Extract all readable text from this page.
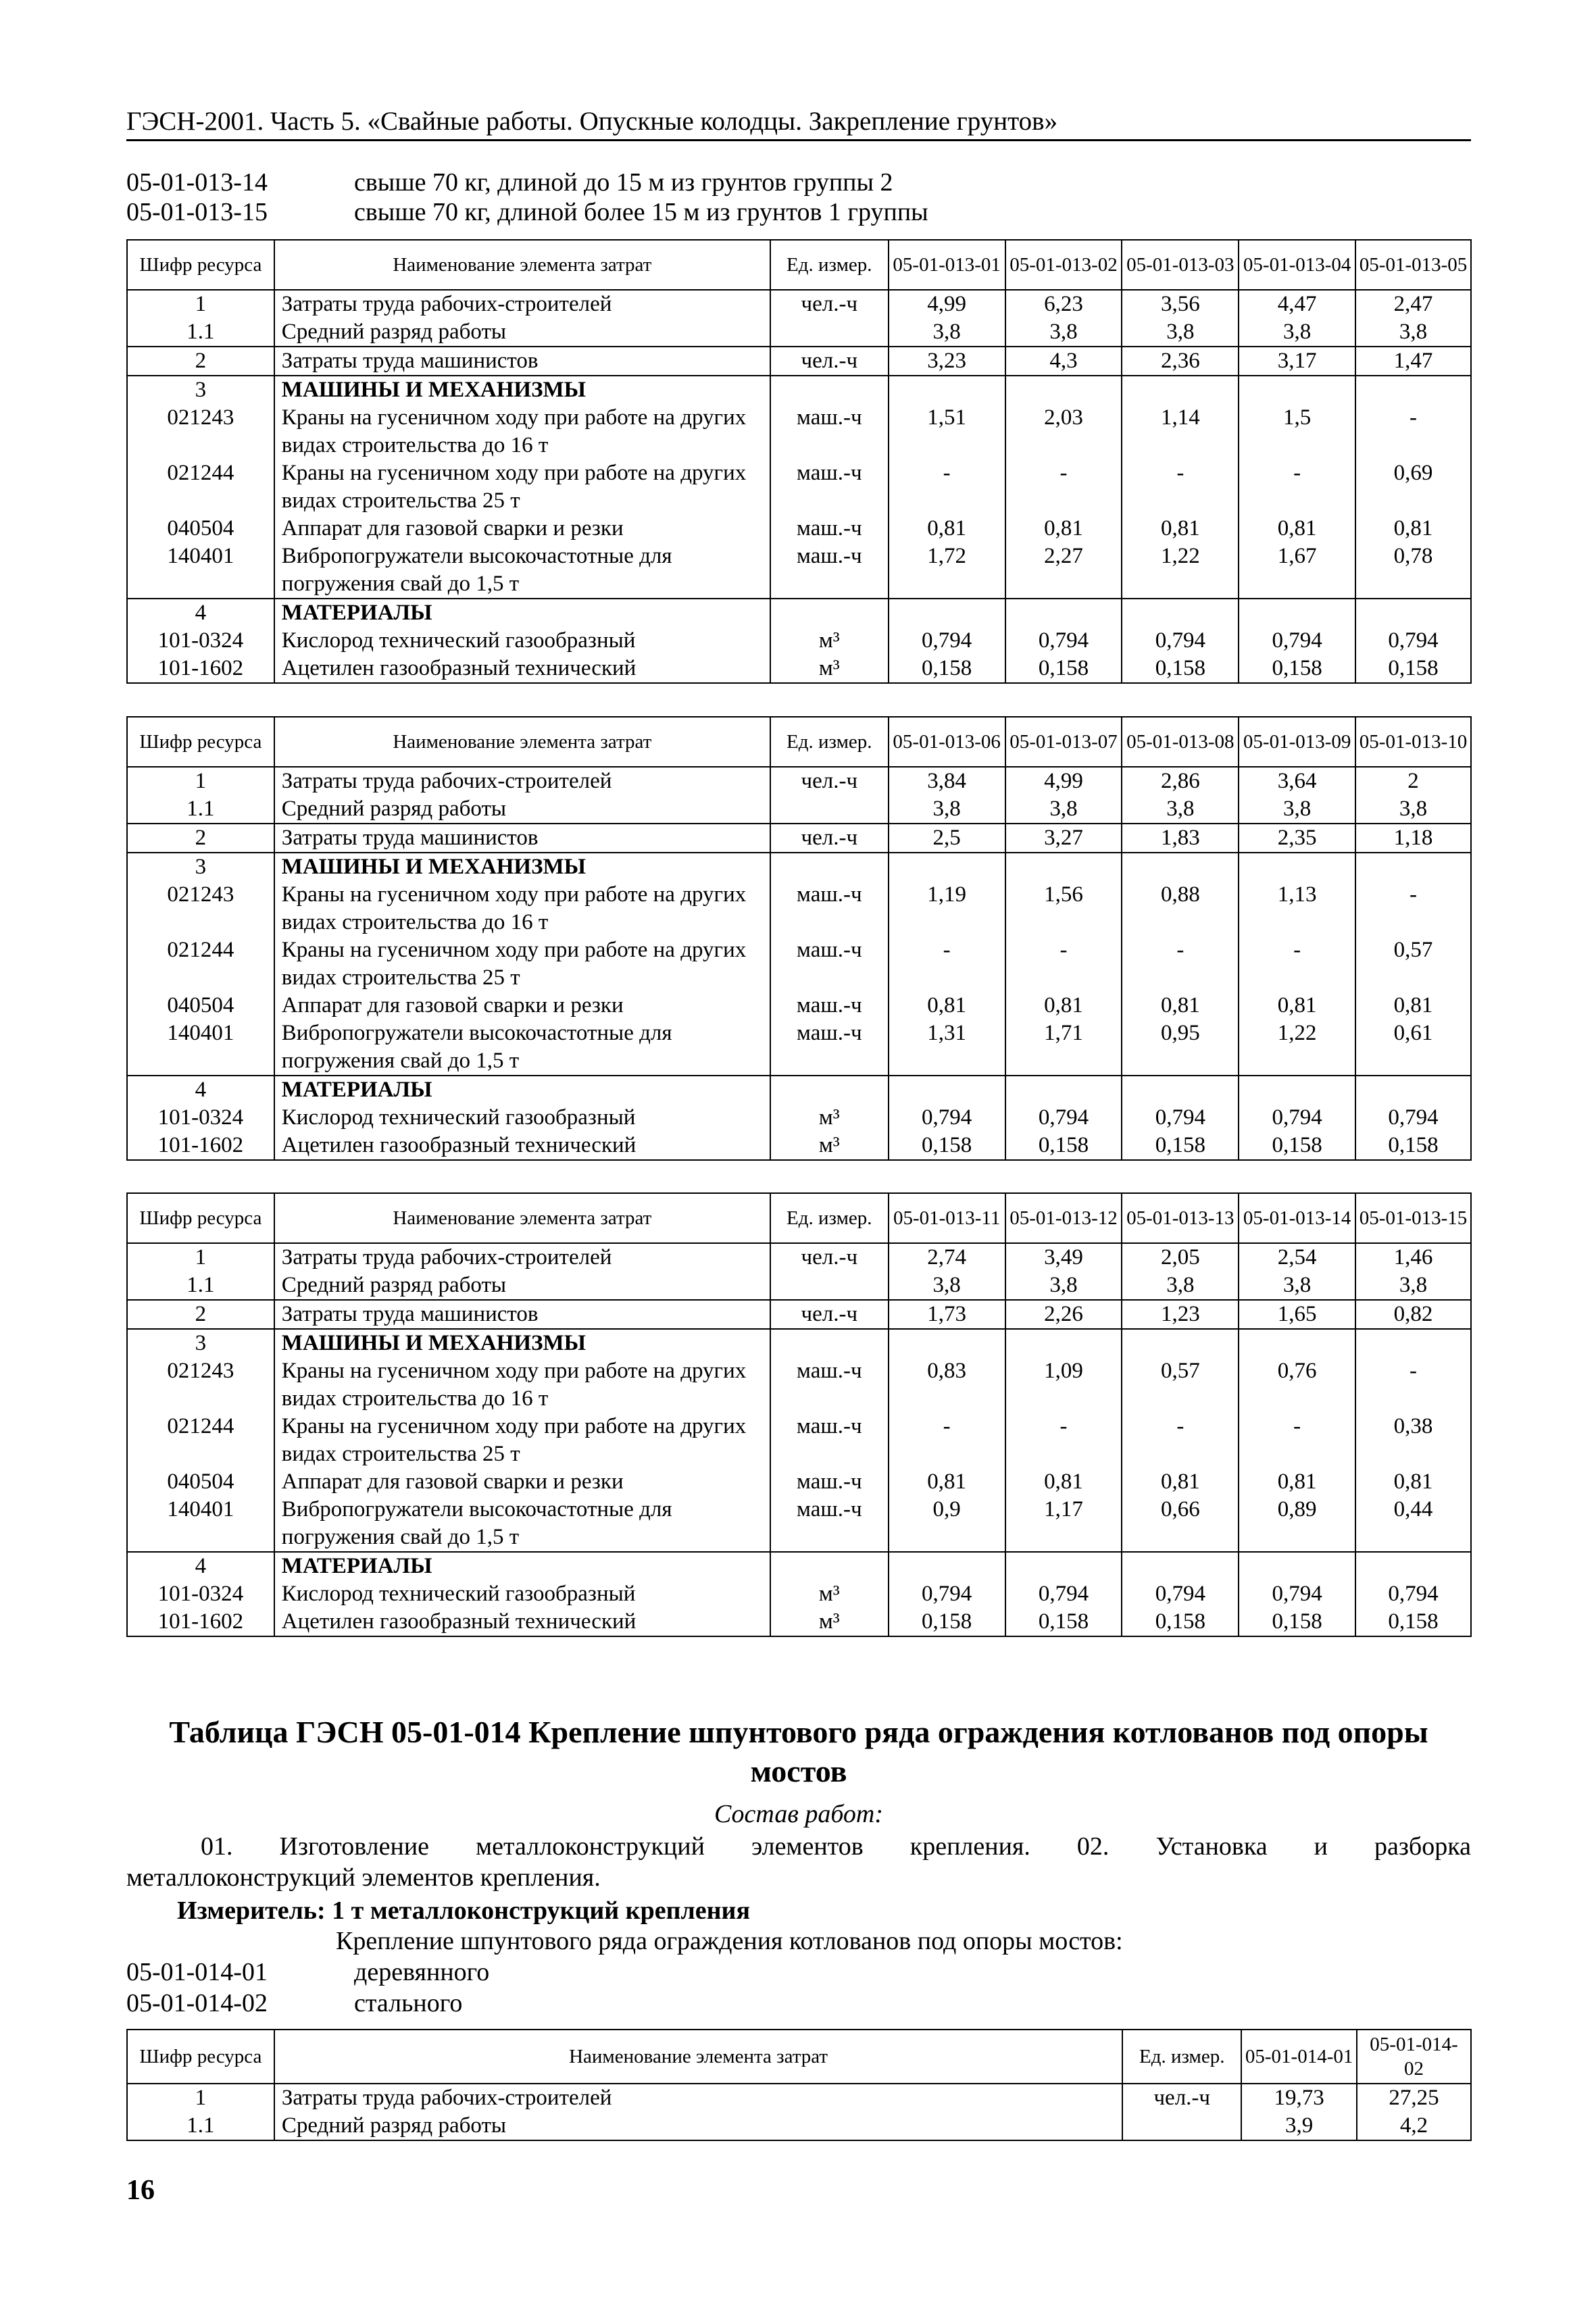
ГЭСН-2001. Часть 5. «Свайные работы. Опускные колодцы. Закрепление грунтов»
05-01-013-14	свыше 70 кг, длиной до 15 м из грунтов группы 2
05-01-013-15	свыше 70 кг, длиной более 15 м из грунтов 1 группы
Шифр ресурса	Наименование элемента затрат	Ед. измер.	05-01-013-01	05-01-013-02	05-01-013-03	05-01-013-04	05-01-013-05
1	Затраты труда рабочих-строителей	чел.-ч	4,99	6,23	3,56	4,47	2,47
1.1	Средний разряд работы		3,8	3,8	3,8	3,8	3,8
2	Затраты труда машинистов	чел.-ч	3,23	4,3	2,36	3,17	1,47
3	МАШИНЫ И МЕХАНИЗМЫ						
021243	Краны на гусеничном ходу при работе на других видах строительства до 16 т	маш.-ч	1,51	2,03	1,14	1,5	-
021244	Краны на гусеничном ходу при работе на других видах строительства 25 т	маш.-ч	-	-	-	-	0,69
040504	Аппарат для газовой сварки и резки	маш.-ч	0,81	0,81	0,81	0,81	0,81
140401	Вибропогружатели высокочастотные для погружения свай до 1,5 т	маш.-ч	1,72	2,27	1,22	1,67	0,78
4	МАТЕРИАЛЫ						
101-0324	Кислород технический газообразный	м³	0,794	0,794	0,794	0,794	0,794
101-1602	Ацетилен газообразный технический	м³	0,158	0,158	0,158	0,158	0,158
Шифр ресурса	Наименование элемента затрат	Ед. измер.	05-01-013-06	05-01-013-07	05-01-013-08	05-01-013-09	05-01-013-10
1	Затраты труда рабочих-строителей	чел.-ч	3,84	4,99	2,86	3,64	2
1.1	Средний разряд работы		3,8	3,8	3,8	3,8	3,8
2	Затраты труда машинистов	чел.-ч	2,5	3,27	1,83	2,35	1,18
3	МАШИНЫ И МЕХАНИЗМЫ						
021243	Краны на гусеничном ходу при работе на других видах строительства до 16 т	маш.-ч	1,19	1,56	0,88	1,13	-
021244	Краны на гусеничном ходу при работе на других видах строительства 25 т	маш.-ч	-	-	-	-	0,57
040504	Аппарат для газовой сварки и резки	маш.-ч	0,81	0,81	0,81	0,81	0,81
140401	Вибропогружатели высокочастотные для погружения свай до 1,5 т	маш.-ч	1,31	1,71	0,95	1,22	0,61
4	МАТЕРИАЛЫ						
101-0324	Кислород технический газообразный	м³	0,794	0,794	0,794	0,794	0,794
101-1602	Ацетилен газообразный технический	м³	0,158	0,158	0,158	0,158	0,158
Шифр ресурса	Наименование элемента затрат	Ед. измер.	05-01-013-11	05-01-013-12	05-01-013-13	05-01-013-14	05-01-013-15
1	Затраты труда рабочих-строителей	чел.-ч	2,74	3,49	2,05	2,54	1,46
1.1	Средний разряд работы		3,8	3,8	3,8	3,8	3,8
2	Затраты труда машинистов	чел.-ч	1,73	2,26	1,23	1,65	0,82
3	МАШИНЫ И МЕХАНИЗМЫ						
021243	Краны на гусеничном ходу при работе на других видах строительства до 16 т	маш.-ч	0,83	1,09	0,57	0,76	-
021244	Краны на гусеничном ходу при работе на других видах строительства 25 т	маш.-ч	-	-	-	-	0,38
040504	Аппарат для газовой сварки и резки	маш.-ч	0,81	0,81	0,81	0,81	0,81
140401	Вибропогружатели высокочастотные для погружения свай до 1,5 т	маш.-ч	0,9	1,17	0,66	0,89	0,44
4	МАТЕРИАЛЫ						
101-0324	Кислород технический газообразный	м³	0,794	0,794	0,794	0,794	0,794
101-1602	Ацетилен газообразный технический	м³	0,158	0,158	0,158	0,158	0,158
Шифр ресурса	Наименование элемента затрат	Ед. измер.	05-01-014-01	05-01-014-02
1	Затраты труда рабочих-строителей	чел.-ч	19,73	27,25
1.1	Средний разряд работы		3,9	4,2
Таблица ГЭСН 05-01-014 Крепление шпунтового ряда ограждения котлованов под опоры мостов
Состав работ:
01. Изготовление металлоконструкций элементов крепления. 02. Установка и разборка
металлоконструкций элементов крепления.
Измеритель: 1 т металлоконструкций крепления
Крепление шпунтового ряда ограждения котлованов под опоры мостов:
05-01-014-01	деревянного
05-01-014-02	стального
16
